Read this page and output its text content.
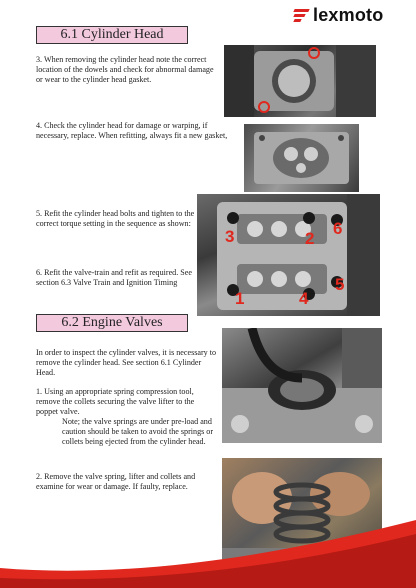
lexmoto
6.1 Cylinder Head
3. When removing the cylinder head note the correct location of the dowels and check for abnormal damage or wear to the cylinder head gasket.
4. Check the cylinder head for damage or warping, if necessary, replace. When refitting, always fit a new gasket,
5. Refit the cylinder head bolts and tighten to the correct torque setting in the sequence as shown:
6. Refit the valve-train and refit as required. See section 6.3 Valve Train and Ignition Timing
1
2
3
4
5
6
6.2 Engine Valves
In order to inspect the cylinder valves, it is necessary to remove the cylinder head. See section 6.1 Cylinder Head.
1. Using an appropriate spring compression tool, remove the collets securing the valve lifter to the poppet valve.
Note; the valve springs are under pre-load and caution should be taken to avoid the springs or collets being ejected from the cylinder head.
2. Remove the valve spring, lifter and collets and examine for wear or damage. If faulty, replace.
